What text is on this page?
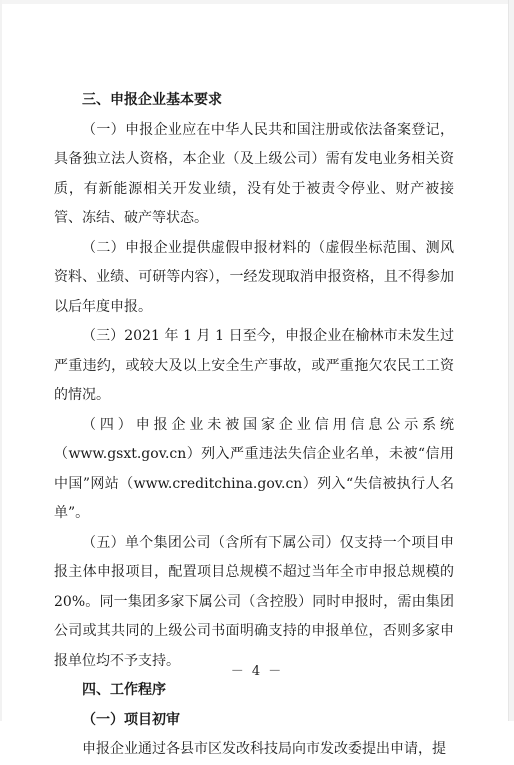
三、申报企业基本要求

（一）申报企业应在中华人民共和国注册或依法备案登记，具备独立法人资格，本企业（及上级公司）需有发电业务相关资质，有新能源相关开发业绩，没有处于被责令停业、财产被接管、冻结、破产等状态。

（二）申报企业提供虚假申报材料的（虚假坐标范围、测风资料、业绩、可研等内容），一经发现取消申报资格，且不得参加以后年度申报。

（三）2021 年 1 月 1 日至今，申报企业在榆林市未发生过严重违约，或较大及以上安全生产事故，或严重拖欠农民工工资的情况。

（四）申报企业未被国家企业信用信息公示系统（www.gsxt.gov.cn）列入严重违法失信企业名单，未被“信用中国”网站（www.creditchina.gov.cn）列入“失信被执行人名单”。

（五）单个集团公司（含所有下属公司）仅支持一个项目申报主体申报项目，配置项目总规模不超过当年全市申报总规模的20%。同一集团多家下属公司（含控股）同时申报时，需由集团公司或其共同的上级公司书面明确支持的申报单位，否则多家申报单位均不予支持。

四、工作程序

（一）项目初审

申报企业通过各县市区发改科技局向市发改委提出申请，提

－ 4 －
